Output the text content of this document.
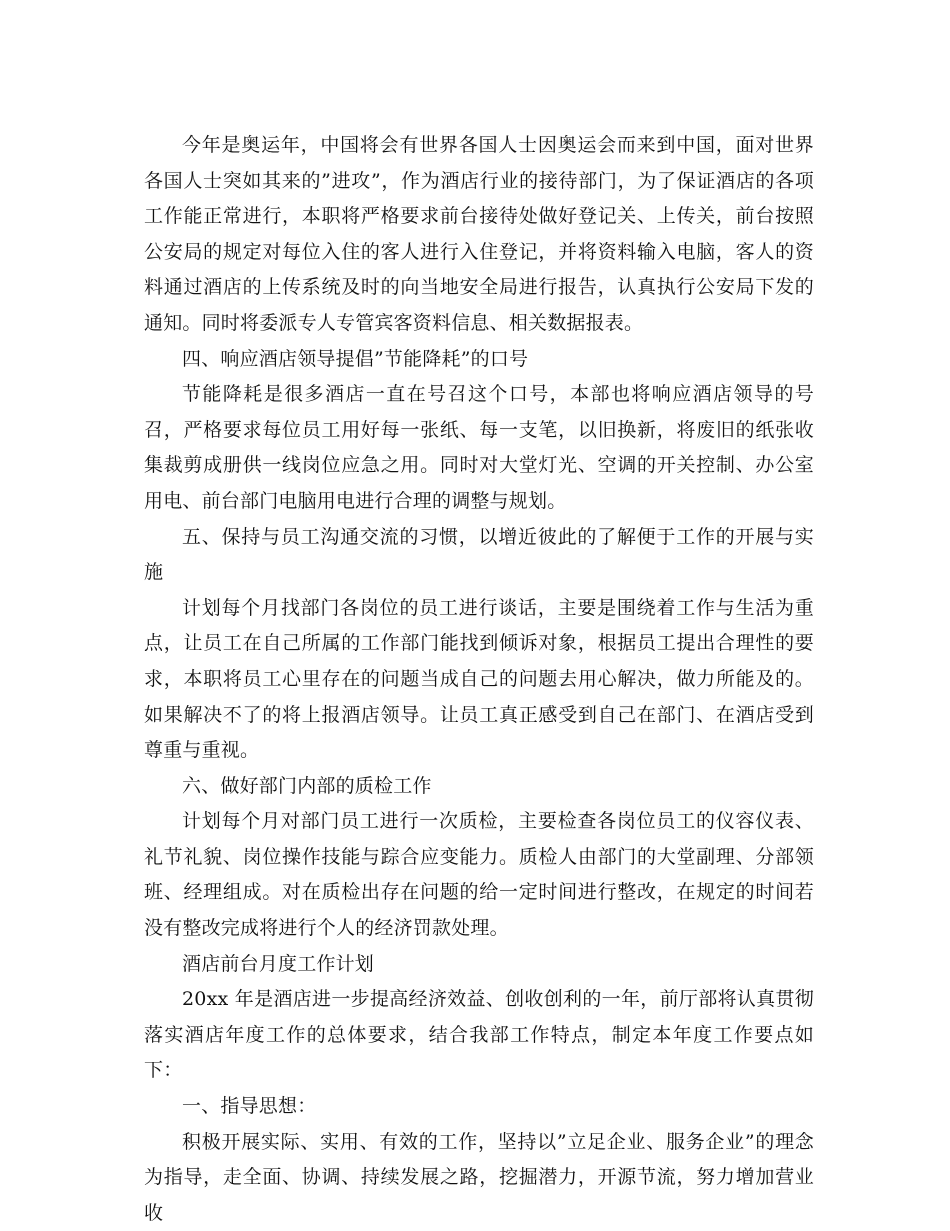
今年是奥运年，中国将会有世界各国人士因奥运会而来到中国，面对世界各国人士突如其来的”进攻”，作为酒店行业的接待部门，为了保证酒店的各项工作能正常进行，本职将严格要求前台接待处做好登记关、上传关，前台按照公安局的规定对每位入住的客人进行入住登记，并将资料输入电脑，客人的资料通过酒店的上传系统及时的向当地安全局进行报告，认真执行公安局下发的通知。同时将委派专人专管宾客资料信息、相关数据报表。

四、响应酒店领导提倡”节能降耗”的口号

节能降耗是很多酒店一直在号召这个口号，本部也将响应酒店领导的号召，严格要求每位员工用好每一张纸、每一支笔，以旧换新，将废旧的纸张收集裁剪成册供一线岗位应急之用。同时对大堂灯光、空调的开关控制、办公室用电、前台部门电脑用电进行合理的调整与规划。

五、保持与员工沟通交流的习惯，以增近彼此的了解便于工作的开展与实施

计划每个月找部门各岗位的员工进行谈话，主要是围绕着工作与生活为重点，让员工在自己所属的工作部门能找到倾诉对象，根据员工提出合理性的要求，本职将员工心里存在的问题当成自己的问题去用心解决，做力所能及的。如果解决不了的将上报酒店领导。让员工真正感受到自己在部门、在酒店受到尊重与重视。

六、做好部门内部的质检工作

计划每个月对部门员工进行一次质检，主要检查各岗位员工的仪容仪表、礼节礼貌、岗位操作技能与踪合应变能力。质检人由部门的大堂副理、分部领班、经理组成。对在质检出存在问题的给一定时间进行整改，在规定的时间若没有整改完成将进行个人的经济罚款处理。

酒店前台月度工作计划

20xx 年是酒店进一步提高经济效益、创收创利的一年，前厅部将认真贯彻落实酒店年度工作的总体要求，结合我部工作特点，制定本年度工作要点如下：

一、指导思想：

积极开展实际、实用、有效的工作，坚持以”立足企业、服务企业”的理念为指导，走全面、协调、持续发展之路，挖掘潜力，开源节流，努力增加营业收
